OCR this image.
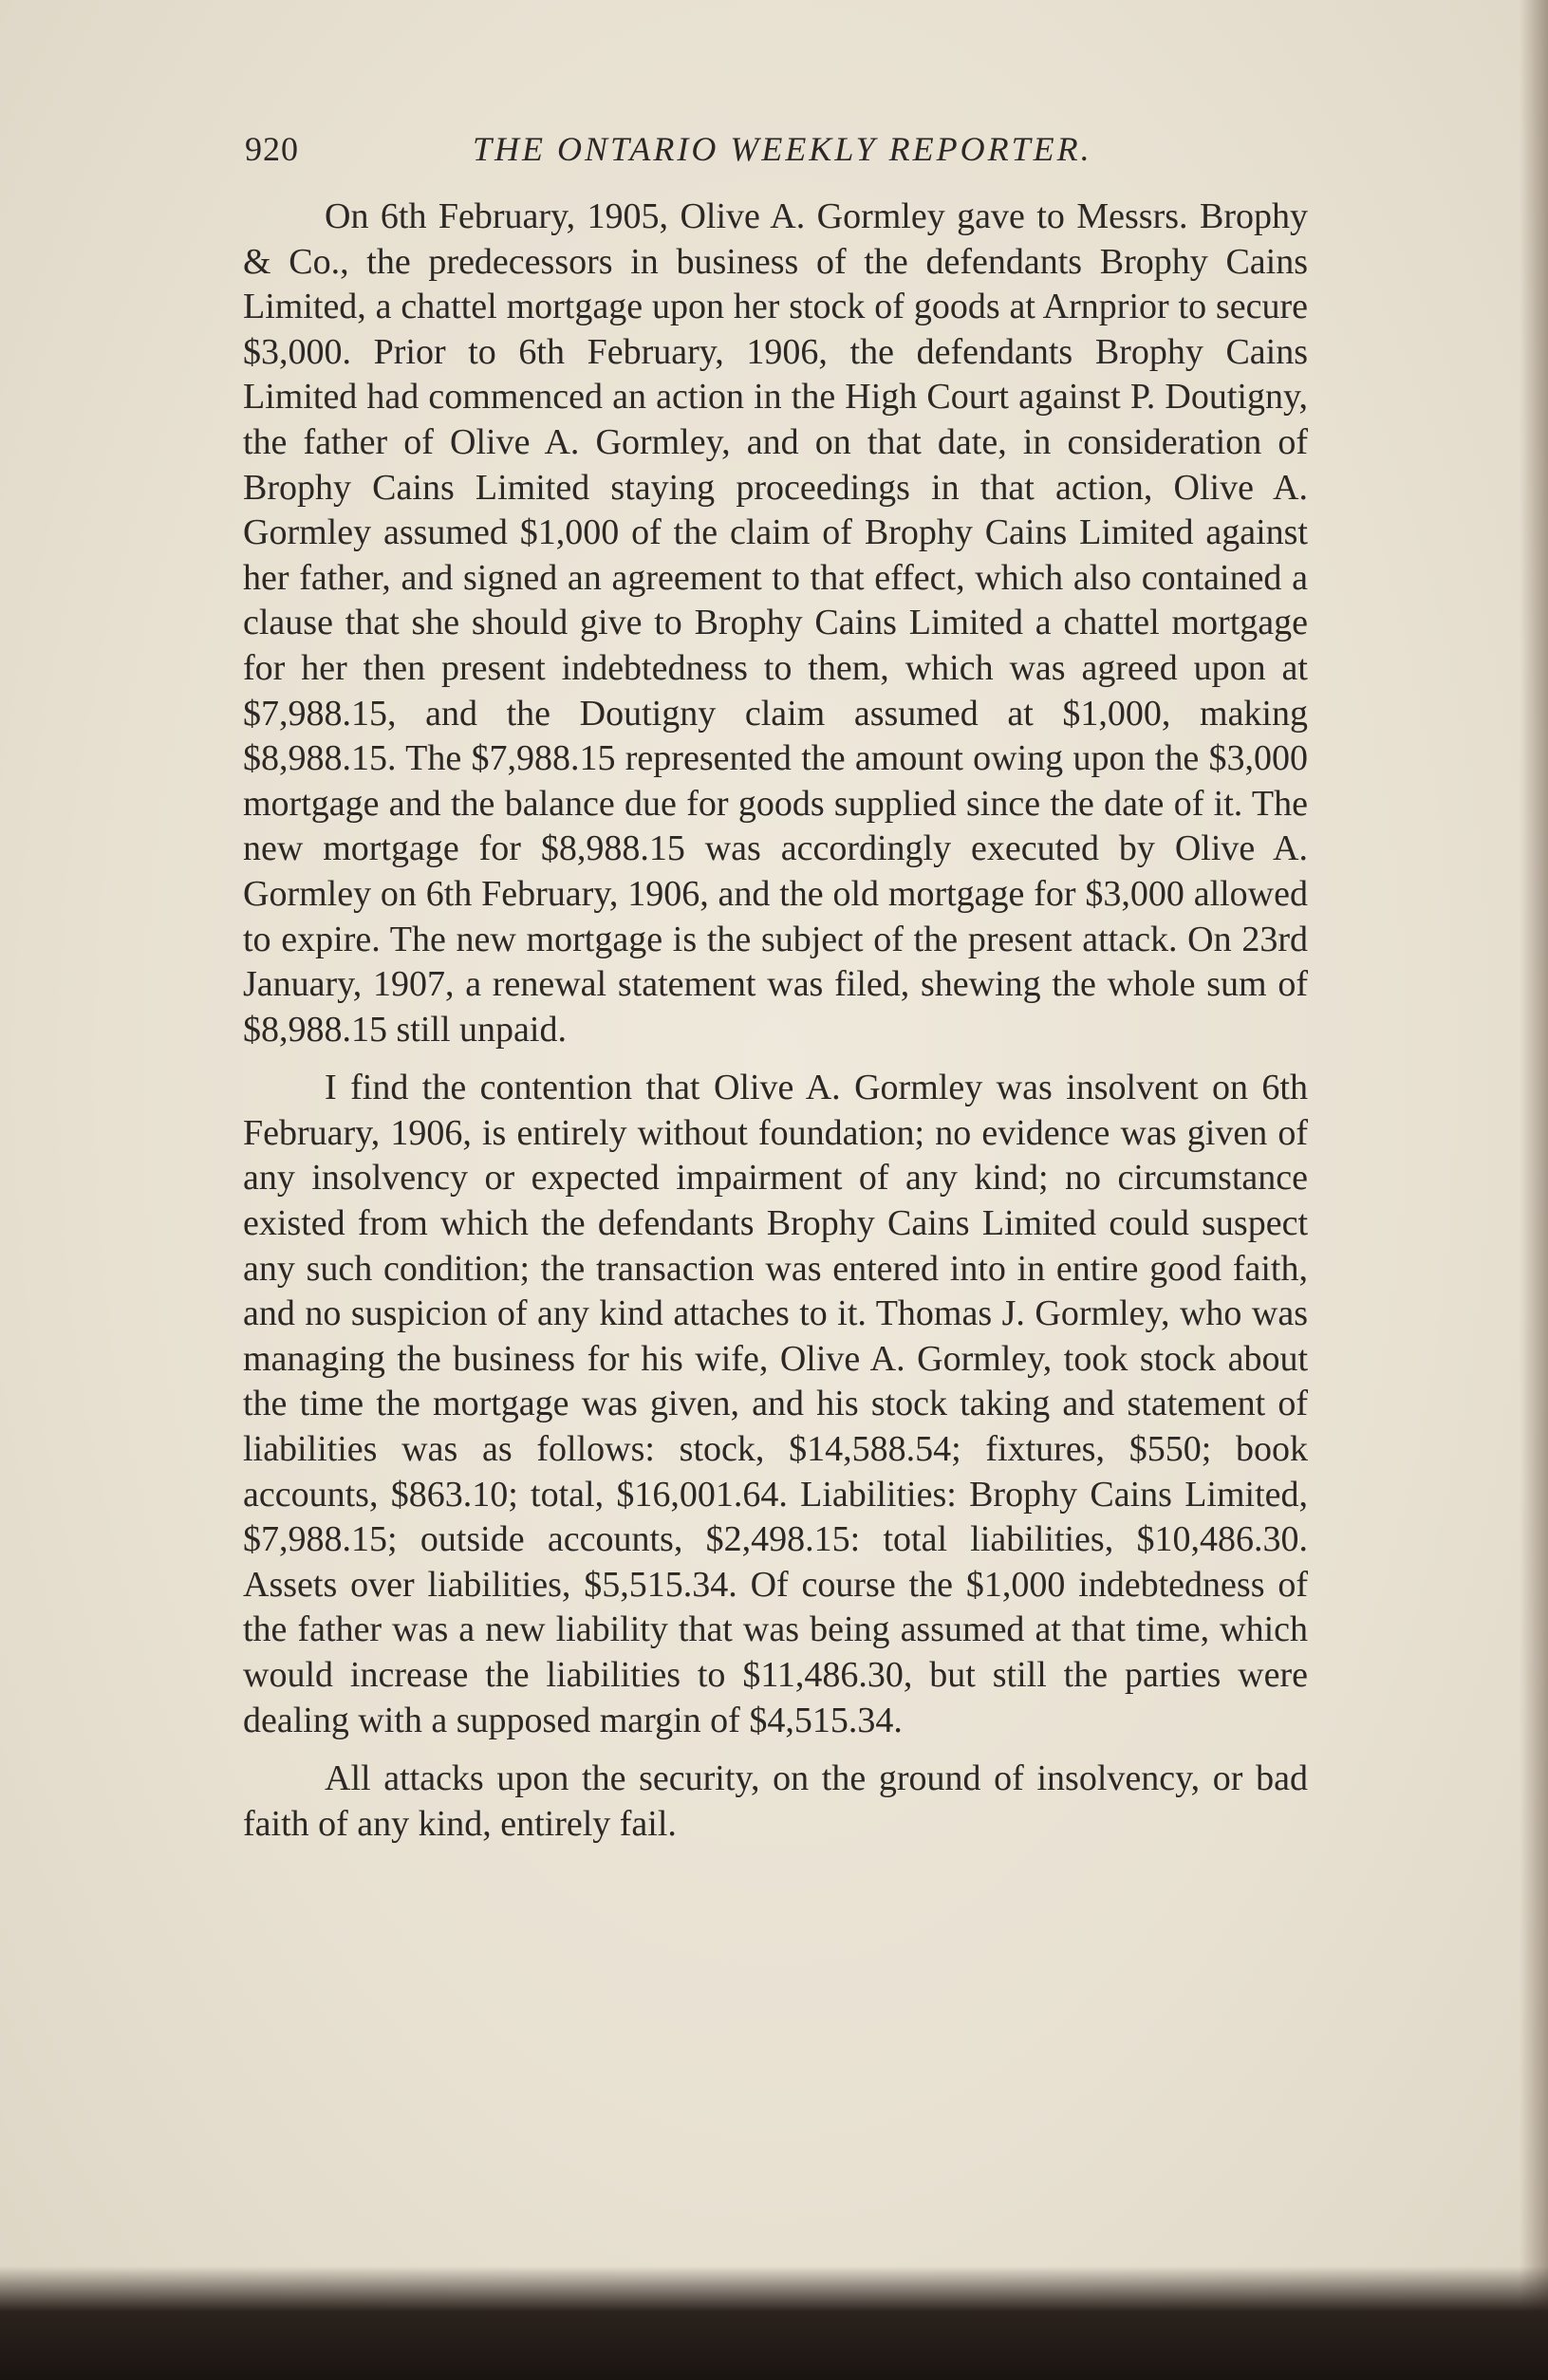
920	THE ONTARIO WEEKLY REPORTER.

On 6th February, 1905, Olive A. Gormley gave to Messrs. Brophy & Co., the predecessors in business of the defendants Brophy Cains Limited, a chattel mortgage upon her stock of goods at Arnprior to secure $3,000. Prior to 6th February, 1906, the defendants Brophy Cains Limited had commenced an action in the High Court against P. Doutigny, the father of Olive A. Gormley, and on that date, in consideration of Brophy Cains Limited staying proceedings in that action, Olive A. Gormley assumed $1,000 of the claim of Brophy Cains Limited against her father, and signed an agreement to that effect, which also contained a clause that she should give to Brophy Cains Limited a chattel mortgage for her then present indebtedness to them, which was agreed upon at $7,988.15, and the Doutigny claim assumed at $1,000, making $8,988.15. The $7,988.15 represented the amount owing upon the $3,000 mortgage and the balance due for goods supplied since the date of it. The new mortgage for $8,988.15 was accordingly executed by Olive A. Gormley on 6th February, 1906, and the old mortgage for $3,000 allowed to expire. The new mortgage is the subject of the present attack. On 23rd January, 1907, a renewal statement was filed, shewing the whole sum of $8,988.15 still unpaid.

I find the contention that Olive A. Gormley was insolvent on 6th February, 1906, is entirely without foundation; no evidence was given of any insolvency or expected impairment of any kind; no circumstance existed from which the defendants Brophy Cains Limited could suspect any such condition; the transaction was entered into in entire good faith, and no suspicion of any kind attaches to it. Thomas J. Gormley, who was managing the business for his wife, Olive A. Gormley, took stock about the time the mortgage was given, and his stock taking and statement of liabilities was as follows: stock, $14,588.54; fixtures, $550; book accounts, $863.10; total, $16,001.64. Liabilities: Brophy Cains Limited, $7,988.15; outside accounts, $2,498.15: total liabilities, $10,486.30. Assets over liabilities, $5,515.34. Of course the $1,000 indebtedness of the father was a new liability that was being assumed at that time, which would increase the liabilities to $11,486.30, but still the parties were dealing with a supposed margin of $4,515.34.

All attacks upon the security, on the ground of insolvency, or bad faith of any kind, entirely fail.
